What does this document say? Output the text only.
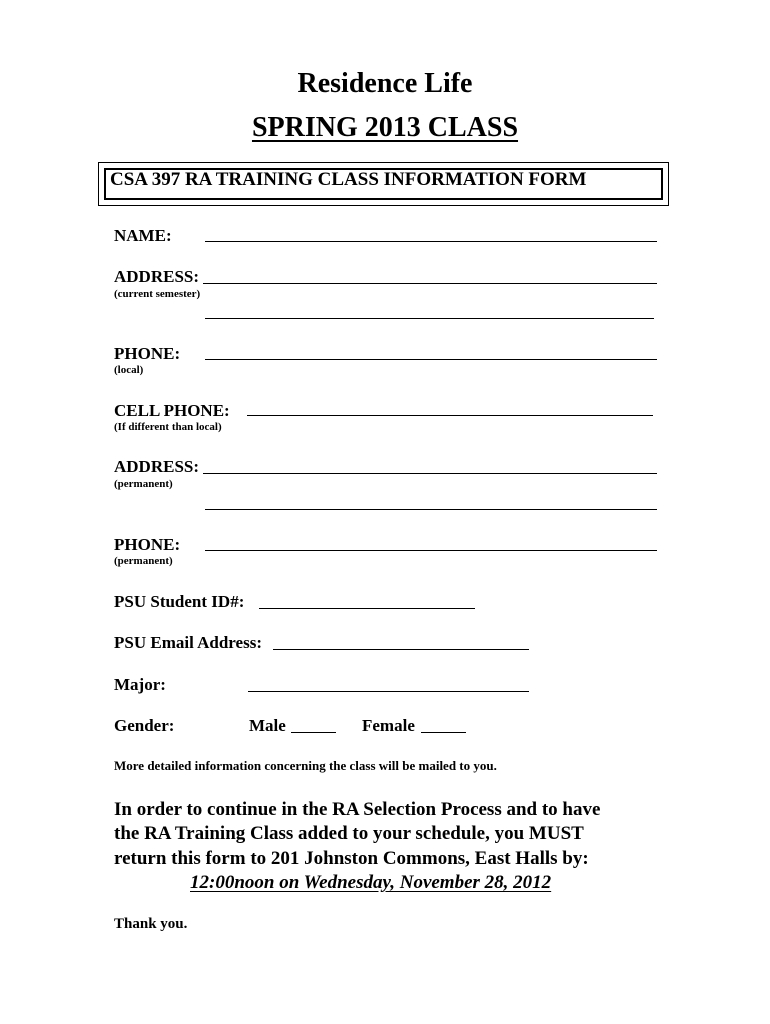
Residence Life
SPRING 2013 CLASS
CSA 397 RA TRAINING CLASS INFORMATION FORM
NAME:
ADDRESS:
(current semester)
PHONE:
(local)
CELL PHONE:
(If different than local)
ADDRESS:
(permanent)
PHONE:
(permanent)
PSU Student ID#:
PSU Email Address:
Major:
Gender:	Male	Female
More detailed information concerning the class will be mailed to you.
In order to continue in the RA Selection Process and to have
the RA Training Class added to your schedule, you MUST
return this form to 201 Johnston Commons, East Halls by:
12:00noon on Wednesday, November 28, 2012
Thank you.
